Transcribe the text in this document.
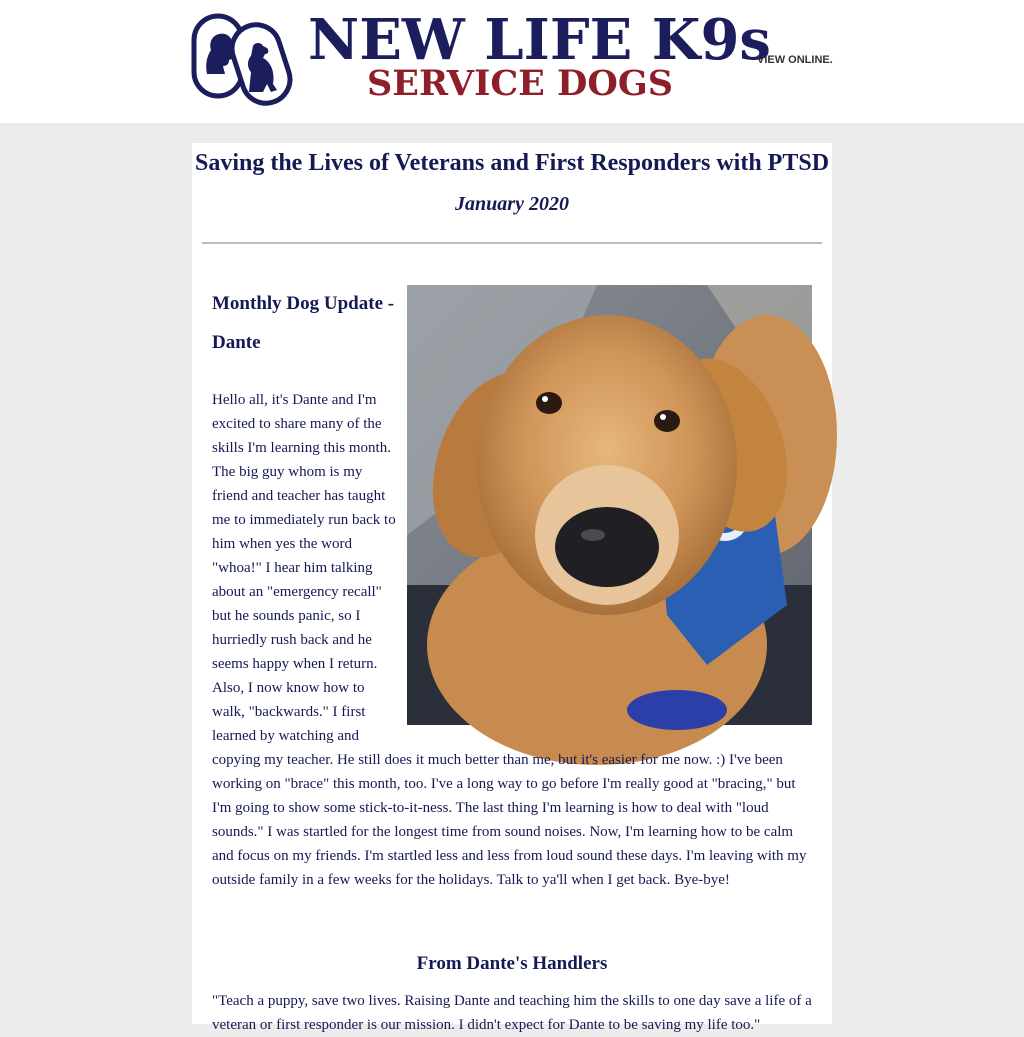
NEW LIFE K9s
SERVICE DOGS
VIEW ONLINE.
Saving the Lives of Veterans and First Responders with PTSD
January 2020
Monthly Dog Update - Dante

Hello all, it's Dante and I'm excited to share many of the skills I'm learning this month. The big guy whom is my friend and teacher has taught me to immediately run back to him when yes the word "whoa!" I hear him talking about an "emergency recall" but he sounds panic, so I hurriedly rush back and he seems happy when I return. Also, I now know how to walk, "backwards." I first learned by watching and copying my teacher. He still does it much better than me, but it's easier for me now. :) I've been working on "brace" this month, too. I've a long way to go before I'm really good at "bracing," but I'm going to show some stick-to-it-ness. The last thing I'm learning is how to deal with "loud sounds." I was startled for the longest time from sound noises. Now, I'm learning how to be calm and focus on my friends. I'm startled less and less from loud sound these days. I'm leaving with my outside family in a few weeks for the holidays. Talk to ya'll when I get back. Bye-bye!

From Dante's Handlers

"Teach a puppy, save two lives. Raising Dante and teaching him the skills to one day save a life of a veteran or first responder is our mission. I didn't expect for Dante to be saving my life too."
